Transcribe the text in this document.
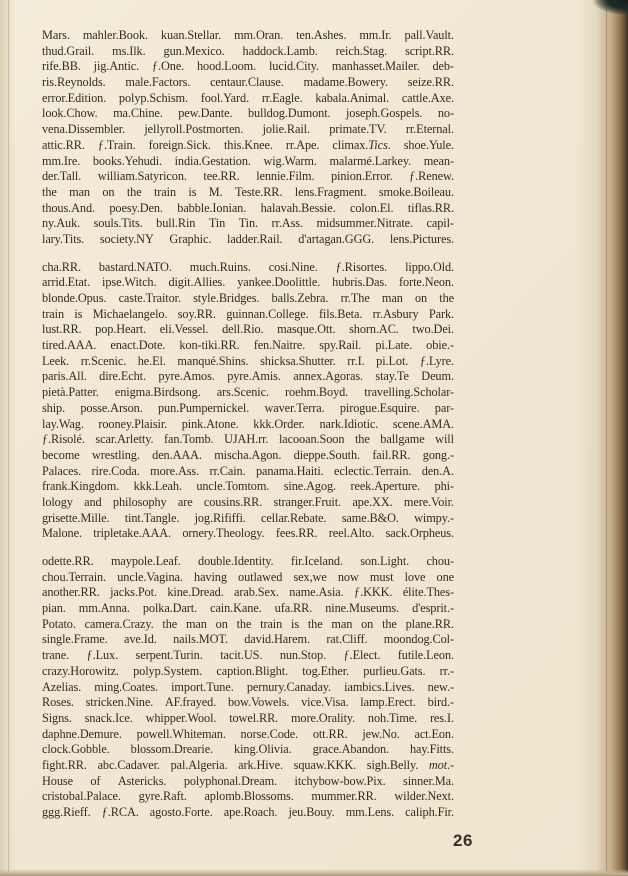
Mars. mahler.Book. kuan.Stellar. mm.Oran. ten.Ashes. mm.Ir. pall.Vault.
thud.Grail. ms.Ilk. gun.Mexico. haddock.Lamb. reich.Stag. script.RR.
rife.BB. jig.Antic. ƒ.One. hood.Loom. lucid.City. manhasset.Mailer. deb-
ris.Reynolds. male.Factors. centaur.Clause. madame.Bowery. seize.RR.
error.Edition. polyp.Schism. fool.Yard. rr.Eagle. kabala.Animal. cattle.Axe.
look.Chow. ma.Chine. pew.Dante. bulldog.Dumont. joseph.Gospels. no-
vena.Dissembler. jellyroll.Postmorten. jolie.Rail. primate.TV. rr.Eternal.
attic.RR. ƒ.Train. foreign.Sick. this.Knee. rr.Ape. climax.Tics. shoe.Yule.
mm.Ire. books.Yehudi. india.Gestation. wig.Warm. malarmé.Larkey. mean-
der.Tall. william.Satyricon. tee.RR. lennie.Film. pinion.Error. ƒ.Renew.
the man on the train is M. Teste.RR. lens.Fragment. smoke.Boileau.
thous.And. poesy.Den. babble.Ionian. halavah.Bessie. colon.El. tiflas.RR.
ny.Auk. souls.Tits. bull.Rin Tin Tin. rr.Ass. midsummer.Nitrate. capil-
lary.Tits. society.NY Graphic. ladder.Rail. d'artagan.GGG. lens.Pictures.
cha.RR. bastard.NATO. much.Ruins. cosi.Nine. ƒ.Risortes. lippo.Old.
arrid.Etat. ipse.Witch. digit.Allies. yankee.Doolittle. hubris.Das. forte.Neon.
blonde.Opus. caste.Traitor. style.Bridges. balls.Zebra. rr.The man on the
train is Michaelangelo. soy.RR. guinnan.College. fils.Beta. rr.Asbury Park.
lust.RR. pop.Heart. eli.Vessel. dell.Rio. masque.Ott. shorn.AC. two.Dei.
tired.AAA. enact.Dote. kon-tiki.RR. fen.Naitre. spy.Rail. pi.Late. obie.-
Leek. rr.Scenic. he.El. manqué.Shins. shicksa.Shutter. rr.I. pi.Lot. ƒ.Lyre.
paris.All. dire.Echt. pyre.Amos. pyre.Amis. annex.Agoras. stay.Te Deum.
pietà.Patter. enigma.Birdsong. ars.Scenic. roehm.Boyd. travelling.Scholar-
ship. posse.Arson. pun.Pumpernickel. waver.Terra. pirogue.Esquire. par-
lay.Wag. rooney.Plaisir. pink.Atone. kkk.Order. nark.Idiotic. scene.AMA.
ƒ.Risolé. scar.Arletty. fan.Tomb. UJAH.rr. lacooan.Soon the ballgame will
become wrestling. den.AAA. mischa.Agon. dieppe.South. fail.RR. gong.-
Palaces. rire.Coda. more.Ass. rr.Cain. panama.Haiti. eclectic.Terrain. den.A.
frank.Kingdom. kkk.Leah. uncle.Tomtom. sine.Agog. reek.Aperture. phi-
lology and philosophy are cousins.RR. stranger.Fruit. ape.XX. mere.Voir.
grisette.Mille. tint.Tangle. jog.Rififfi. cellar.Rebate. same.B&O. wimpy.-
Malone. tripletake.AAA. ornery.Theology. fees.RR. reel.Alto. sack.Orpheus.
odette.RR. maypole.Leaf. double.Identity. fir.Iceland. son.Light. chou-
chou.Terrain. uncle.Vagina. having outlawed sex,we now must love one
another.RR. jacks.Pot. kine.Dread. arab.Sex. name.Asia. ƒ.KKK. élite.Thes-
pian. mm.Anna. polka.Dart. cain.Kane. ufa.RR. nine.Museums. d'esprit.-
Potato. camera.Crazy. the man on the train is the man on the plane.RR.
single.Frame. ave.Id. nails.MOT. david.Harem. rat.Cliff. moondog.Col-
trane. ƒ.Lux. serpent.Turin. tacit.US. nun.Stop. ƒ.Elect. futile.Leon.
crazy.Horowitz. polyp.System. caption.Blight. tog.Ether. purlieu.Gats. rr.-
Azelias. ming.Coates. import.Tune. pernury.Canaday. iambics.Lives. new.-
Roses. stricken.Nine. AF.frayed. bow.Vowels. vice.Visa. lamp.Erect. bird.-
Signs. snack.Ice. whipper.Wool. towel.RR. more.Orality. noh.Time. res.I.
daphne.Demure. powell.Whiteman. norse.Code. ott.RR. jew.No. act.Eon.
clock.Gobble. blossom.Drearie. king.Olivia. grace.Abandon. hay.Fitts.
fight.RR. abc.Cadaver. pal.Algeria. ark.Hive. squaw.KKK. sigh.Belly. mot.-
House of Astericks. polyphonal.Dream. itchybow-bow.Pix. sinner.Ma.
cristobal.Palace. gyre.Raft. aplomb.Blossoms. mummer.RR. wilder.Next.
ggg.Rieff. ƒ.RCA. agosto.Forte. ape.Roach. jeu.Bouy. mm.Lens. caliph.Fir.
26
